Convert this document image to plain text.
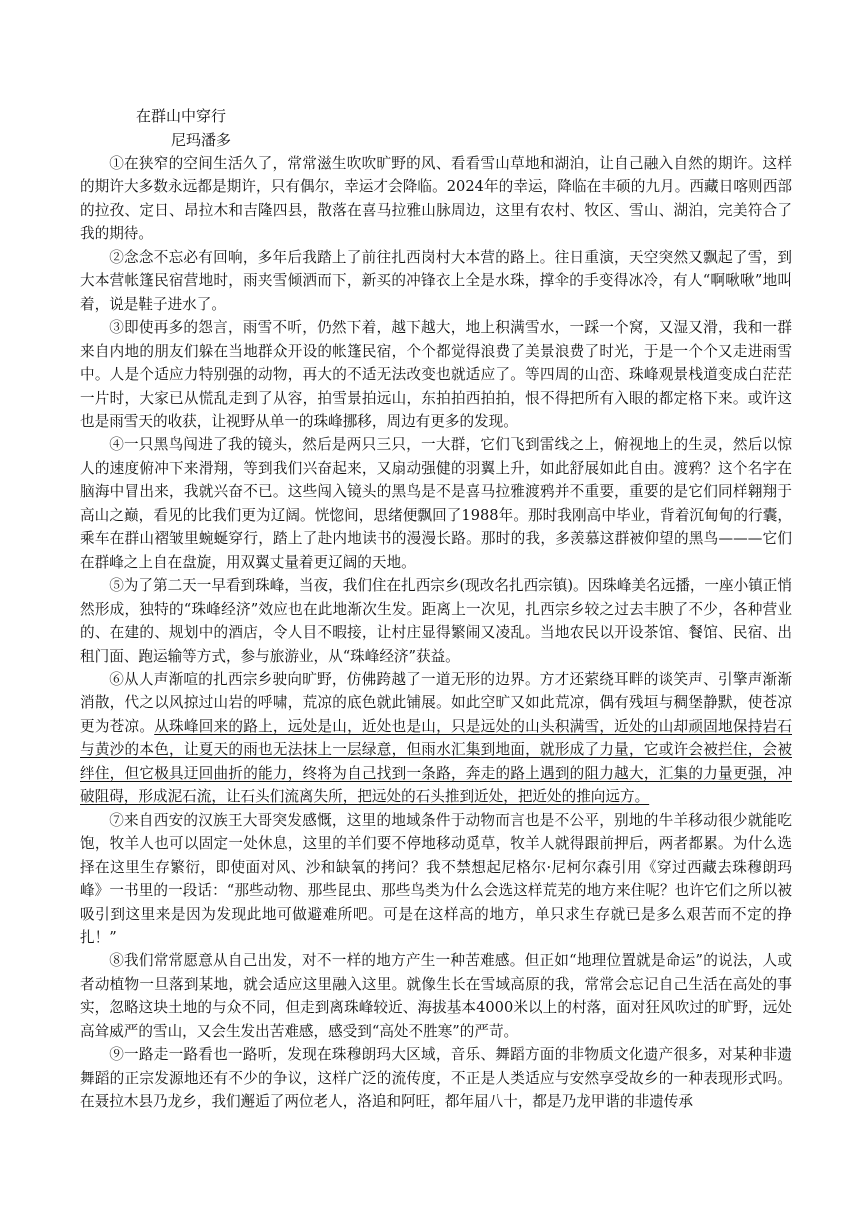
在群山中穿行
尼玛潘多

①在狭窄的空间生活久了，常常滋生吹吹旷野的风、看看雪山草地和湖泊，让自己融入自然的期许。这样的期许大多数永远都是期许，只有偶尔，幸运才会降临。2024年的幸运，降临在丰硕的九月。西藏日喀则西部的拉孜、定日、昂拉木和吉隆四县，散落在喜马拉雅山脉周边，这里有农村、牧区、雪山、湖泊，完美符合了我的期待。

②念念不忘必有回响，多年后我踏上了前往扎西岗村大本营的路上。往日重演，天空突然又飘起了雪，到大本营帐篷民宿营地时，雨夹雪倾洒而下，新买的冲锋衣上全是水珠，撑伞的手变得冰冷，有人“啊啾啾”地叫着，说是鞋子进水了。

③即使再多的怨言，雨雪不听，仍然下着，越下越大，地上积满雪水，一踩一个窝，又湿又滑，我和一群来自内地的朋友们躲在当地群众开设的帐篷民宿，个个都觉得浪费了美景浪费了时光，于是一个个又走进雨雪中。人是个适应力特别强的动物，再大的不适无法改变也就适应了。等四周的山峦、珠峰观景栈道变成白茫茫一片时，大家已从慌乱走到了从容，拍雪景拍远山，东拍拍西拍拍，恨不得把所有入眼的都定格下来。或许这也是雨雪天的收获，让视野从单一的珠峰挪移，周边有更多的发现。

④一只黑鸟闯进了我的镜头，然后是两只三只，一大群，它们飞到雷线之上，俯视地上的生灵，然后以惊人的速度俯冲下来滑翔，等到我们兴奋起来，又扇动强健的羽翼上升，如此舒展如此自由。渡鸦？这个名字在脑海中冒出来，我就兴奋不已。这些闯入镜头的黑鸟是不是喜马拉雅渡鸦并不重要，重要的是它们同样翱翔于高山之巅，看见的比我们更为辽阔。恍惚间，思绪便飘回了1988年。那时我刚高中毕业，背着沉甸甸的行囊，乘车在群山褶皱里蜿蜒穿行，踏上了赴内地读书的漫漫长路。那时的我，多羡慕这群被仰望的黑鸟———它们在群峰之上自在盘旋，用双翼丈量着更辽阔的天地。

⑤为了第二天一早看到珠峰，当夜，我们住在扎西宗乡(现改名扎西宗镇)。因珠峰美名远播，一座小镇正悄然形成，独特的“珠峰经济”效应也在此地渐次生发。距离上一次见，扎西宗乡较之过去丰腴了不少，各种营业的、在建的、规划中的酒店，令人目不暇接，让村庄显得繁闹又凌乱。当地农民以开设茶馆、餐馆、民宿、出租门面、跑运输等方式，参与旅游业，从“珠峰经济”获益。

⑥从人声渐喧的扎西宗乡驶向旷野，仿佛跨越了一道无形的边界。方才还萦绕耳畔的谈笑声、引擎声渐渐消散，代之以风掠过山岩的呼啸，荒凉的底色就此铺展。如此空旷又如此荒凉，偶有残垣与稠堡静默，使苍凉更为苍凉。从珠峰回来的路上，远处是山，近处也是山，只是远处的山头积满雪，近处的山却顽固地保持岩石与黄沙的本色，让夏天的雨也无法抹上一层绿意，但雨水汇集到地面，就形成了力量，它或许会被拦住，会被绊住，但它极具迂回曲折的能力，终将为自己找到一条路，奔走的路上遇到的阻力越大，汇集的力量更强，冲破阻碍，形成泥石流，让石头们流离失所，把远处的石头推到近处，把近处的推向远方。

⑦来自西安的汉族王大哥突发感慨，这里的地域条件于动物而言也是不公平，别地的牛羊移动很少就能吃饱，牧羊人也可以固定一处休息，这里的羊们要不停地移动觅草，牧羊人就得跟前押后，两者都累。为什么选择在这里生存繁衍，即使面对风、沙和缺氧的拷问？我不禁想起尼格尔·尼柯尔森引用《穿过西藏去珠穆朗玛峰》一书里的一段话：“那些动物、那些昆虫、那些鸟类为什么会选这样荒芜的地方来住呢？也许它们之所以被吸引到这里来是因为发现此地可做避难所吧。可是在这样高的地方，单只求生存就已是多么艰苦而不定的挣扎！”

⑧我们常常愿意从自己出发，对不一样的地方产生一种苦难感。但正如“地理位置就是命运”的说法，人或者动植物一旦落到某地，就会适应这里融入这里。就像生长在雪域高原的我，常常会忘记自己生活在高处的事实，忽略这块土地的与众不同，但走到离珠峰较近、海拔基本4000米以上的村落，面对狂风吹过的旷野，远处高耸威严的雪山，又会生发出苦难感，感受到“高处不胜寒”的严苛。

⑨一路走一路看也一路听，发现在珠穆朗玛大区域，音乐、舞蹈方面的非物质文化遗产很多，对某种非遗舞蹈的正宗发源地还有不少的争议，这样广泛的流传度，不正是人类适应与安然享受故乡的一种表现形式吗。在聂拉木县乃龙乡，我们邂逅了两位老人，洛追和阿旺，都年届八十，都是乃龙甲谐的非遗传承
